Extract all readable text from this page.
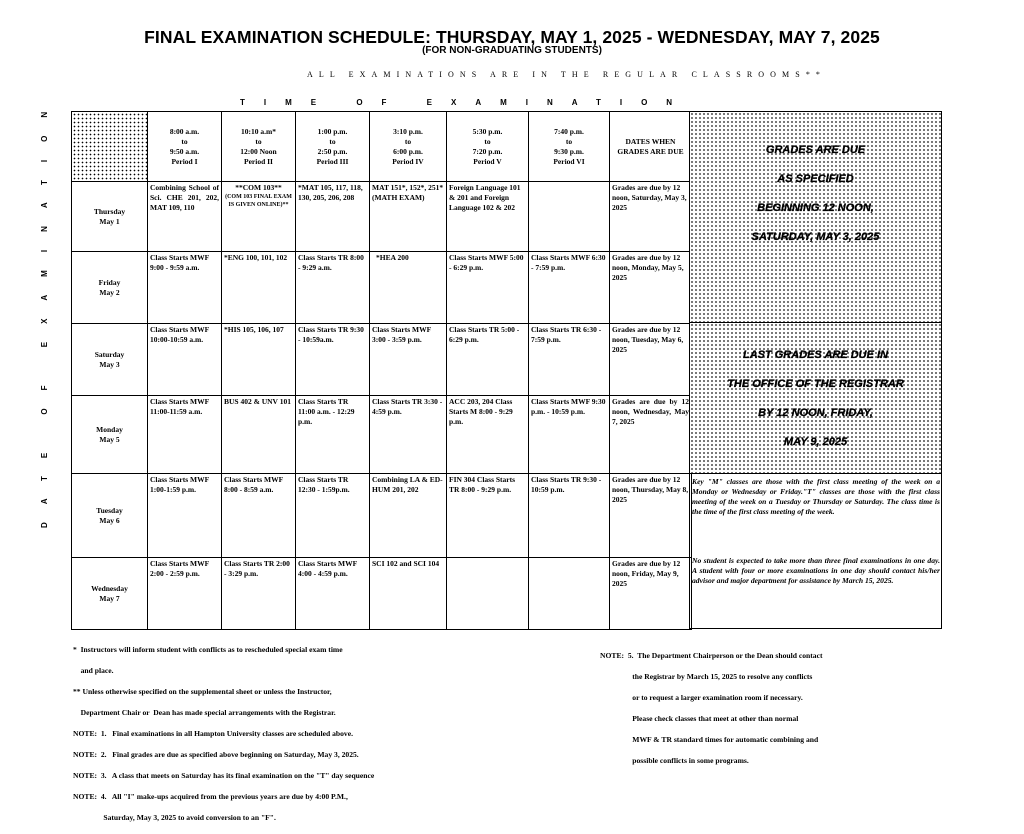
FINAL EXAMINATION SCHEDULE: THURSDAY, MAY 1, 2025 - WEDNESDAY, MAY 7, 2025
(FOR NON-GRADUATING STUDENTS)
ALL EXAMINATIONS ARE IN THE REGULAR CLASSROOMS**
TIME OF EXAMINATION
DATE OF EXAMINATION
		8:00 a.m.
to
9:50 a.m.
Period I	10:10 a.m*
to
12:00 Noon
Period II	1:00 p.m.
to
2:50 p.m.
Period III	3:10 p.m.
to
6:00 p.m.
Period IV	5:30 p.m.
to
7:20 p.m.
Period V	7:40 p.m.
to
9:30 p.m.
Period VI	DATES WHEN
GRADES ARE DUE
Thursday
May 1	Combining School of Sci. CHE 201, 202, MAT 109, 110	**COM 103**
(COM 103 FINAL EXAM IS GIVEN ONLINE)**	*MAT 105, 117, 118, 130, 205, 206, 208	MAT 151*, 152*, 251* (MATH EXAM)	Foreign Language 101 & 201 and Foreign Language 102 & 202		Grades are due by 12 noon, Saturday, May 3, 2025
Friday
May 2	Class Starts MWF 9:00 - 9:59 a.m.	*ENG 100, 101, 102	Class Starts TR 8:00 - 9:29 a.m.	*HEA 200	Class Starts MWF 5:00 - 6:29 p.m.	Class Starts MWF 6:30 - 7:59 p.m.	Grades are due by 12 noon, Monday, May 5, 2025
Saturday
May 3	Class Starts MWF 10:00-10:59 a.m.	*HIS 105, 106, 107	Class Starts TR 9:30 - 10:59a.m.	Class Starts MWF 3:00 - 3:59 p.m.	Class Starts TR 5:00 - 6:29 p.m.	Class Starts TR 6:30 - 7:59 p.m.	Grades are due by 12 noon, Tuesday, May 6, 2025
Monday
May 5	Class Starts MWF 11:00-11:59 a.m.	BUS 402 & UNV 101	Class Starts TR 11:00 a.m. - 12:29 p.m.	Class Starts TR 3:30 - 4:59 p.m.	ACC 203, 204 Class Starts M 8:00 - 9:29 p.m.	Class Starts MWF 9:30 p.m. - 10:59 p.m.	Grades are due by 12 noon, Wednesday, May 7, 2025
Tuesday
May 6	Class Starts MWF 1:00-1:59 p.m.	Class Starts MWF 8:00 - 8:59 a.m.	Class Starts TR 12:30 - 1:59p.m.	Combining LA & ED-HUM 201, 202	FIN 304 Class Starts TR 8:00 - 9:29 p.m.	Class Starts TR 9:30 - 10:59 p.m.	Grades are due by 12 noon, Thursday, May 8, 2025
Wednesday
May 7	Class Starts MWF 2:00 - 2:59 p.m.	Class Starts TR 2:00 - 3:29 p.m.	Class Starts MWF 4:00 - 4:59 p.m.	SCI 102 and SCI 104			Grades are due by 12 noon, Friday, May 9, 2025
GRADES ARE DUE
AS SPECIFIED
BEGINNING 12 NOON,
SATURDAY, MAY 3, 2025
LAST GRADES ARE DUE IN
THE OFFICE OF THE REGISTRAR
BY 12 NOON, FRIDAY,
MAY 9, 2025
Key "M" classes are those with the first class meeting of the week on a Monday or Wednesday or Friday."T" classes are those with the first class meeting of the week on a Tuesday or Thursday or Saturday. The class time is the time of the first class meeting of the week.
No student is expected to take more than three final examinations in one day. A student with four or more examinations in one day should contact his/her advisor and major department for assistance by March 15, 2025.

*  Instructors will inform student with conflicts as to rescheduled special exam time

and place.

** Unless otherwise specified on the supplemental sheet or unless the Instructor,

Department Chair or  Dean has made special arrangements with the Registrar.

NOTE:  1.   Final examinations in all Hampton University classes are scheduled above.

NOTE:  2.   Final grades are due as specified above beginning on Saturday, May 3, 2025.

NOTE:  3.   A class that meets on Saturday has its final examination on the "T" day sequence

NOTE:  4.   All "I" make-ups acquired from the previous years are due by 4:00 P.M.,

Saturday, May 3, 2025 to avoid conversion to an "F".

NOTE:  5.  The Department Chairperson or the Dean should contact

the Registrar by March 15, 2025 to resolve any conflicts

or to request a larger examination room if necessary.

Please check classes that meet at other than normal

MWF & TR standard times for automatic combining and

possible conflicts in some programs.
